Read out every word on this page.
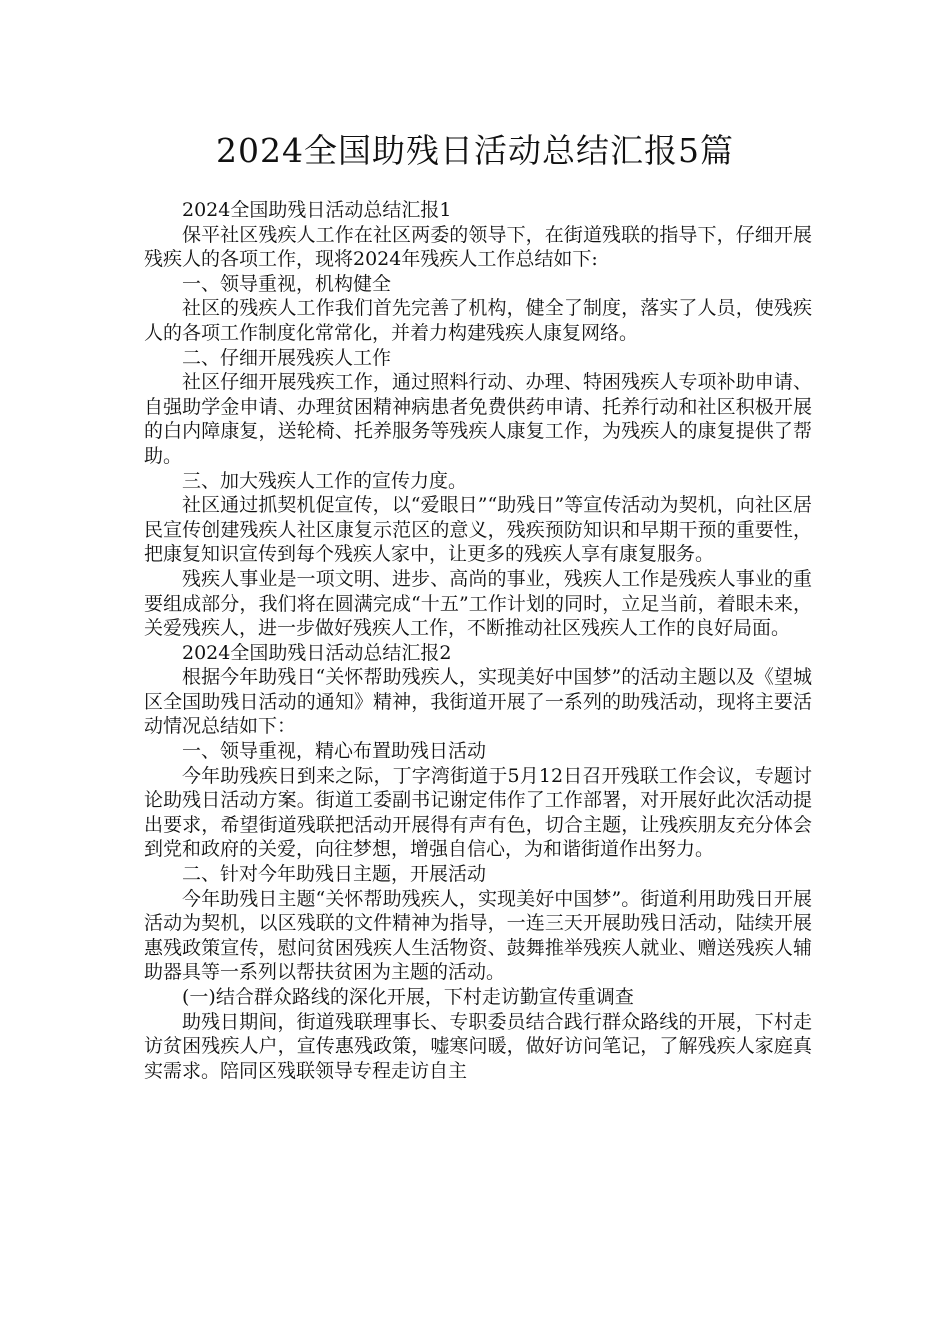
2024全国助残日活动总结汇报5篇

2024全国助残日活动总结汇报1

保平社区残疾人工作在社区两委的领导下，在街道残联的指导下，仔细开展残疾人的各项工作，现将2024年残疾人工作总结如下:

一、领导重视，机构健全

社区的残疾人工作我们首先完善了机构，健全了制度，落实了人员，使残疾人的各项工作制度化常常化，并着力构建残疾人康复网络。

二、仔细开展残疾人工作

社区仔细开展残疾工作，通过照料行动、办理、特困残疾人专项补助申请、自强助学金申请、办理贫困精神病患者免费供药申请、托养行动和社区积极开展的白内障康复，送轮椅、托养服务等残疾人康复工作，为残疾人的康复提供了帮助。

三、加大残疾人工作的宣传力度。

社区通过抓契机促宣传，以“爱眼日”“助残日”等宣传活动为契机，向社区居民宣传创建残疾人社区康复示范区的意义，残疾预防知识和早期干预的重要性，把康复知识宣传到每个残疾人家中，让更多的残疾人享有康复服务。

残疾人事业是一项文明、进步、高尚的事业，残疾人工作是残疾人事业的重要组成部分，我们将在圆满完成“十五”工作计划的同时，立足当前，着眼未来，关爱残疾人，进一步做好残疾人工作，不断推动社区残疾人工作的良好局面。

2024全国助残日活动总结汇报2

根据今年助残日“关怀帮助残疾人，实现美好中国梦”的活动主题以及《望城区全国助残日活动的通知》精神，我街道开展了一系列的助残活动，现将主要活动情况总结如下：

一、领导重视，精心布置助残日活动

今年助残疾日到来之际，丁字湾街道于5月12日召开残联工作会议，专题讨论助残日活动方案。街道工委副书记谢定伟作了工作部署，对开展好此次活动提出要求，希望街道残联把活动开展得有声有色，切合主题，让残疾朋友充分体会到党和政府的关爱，向往梦想，增强自信心，为和谐街道作出努力。

二、针对今年助残日主题，开展活动

今年助残日主题“关怀帮助残疾人，实现美好中国梦”。街道利用助残日开展活动为契机，以区残联的文件精神为指导，一连三天开展助残日活动，陆续开展惠残政策宣传，慰问贫困残疾人生活物资、鼓舞推举残疾人就业、赠送残疾人辅助器具等一系列以帮扶贫困为主题的活动。

(一)结合群众路线的深化开展，下村走访勤宣传重调查

助残日期间，街道残联理事长、专职委员结合践行群众路线的开展，下村走访贫困残疾人户，宣传惠残政策，嘘寒问暖，做好访问笔记，了解残疾人家庭真实需求。陪同区残联领导专程走访自主
